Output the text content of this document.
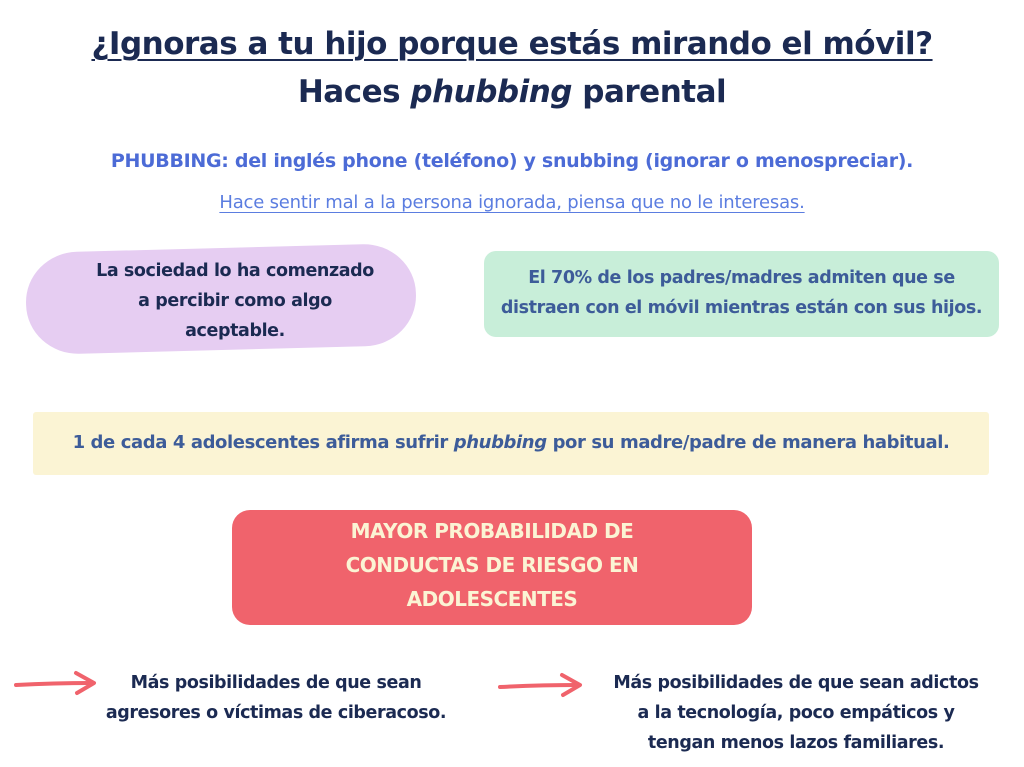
¿Ignoras a tu hijo porque estás mirando el móvil?
Haces phubbing parental
PHUBBING: del inglés phone (teléfono) y snubbing (ignorar o menospreciar).
Hace sentir mal a la persona ignorada, piensa que no le interesas.
La sociedad lo ha comenzado
a percibir como algo
aceptable.
El 70% de los padres/madres admiten que se
distraen con el móvil mientras están con sus hijos.
1 de cada 4 adolescentes afirma sufrir phubbing por su madre/padre de manera habitual.
MAYOR PROBABILIDAD DE
CONDUCTAS DE RIESGO EN
ADOLESCENTES
Más posibilidades de que sean
agresores o víctimas de ciberacoso.
Más posibilidades de que sean adictos
a la tecnología, poco empáticos y
tengan menos lazos familiares.
